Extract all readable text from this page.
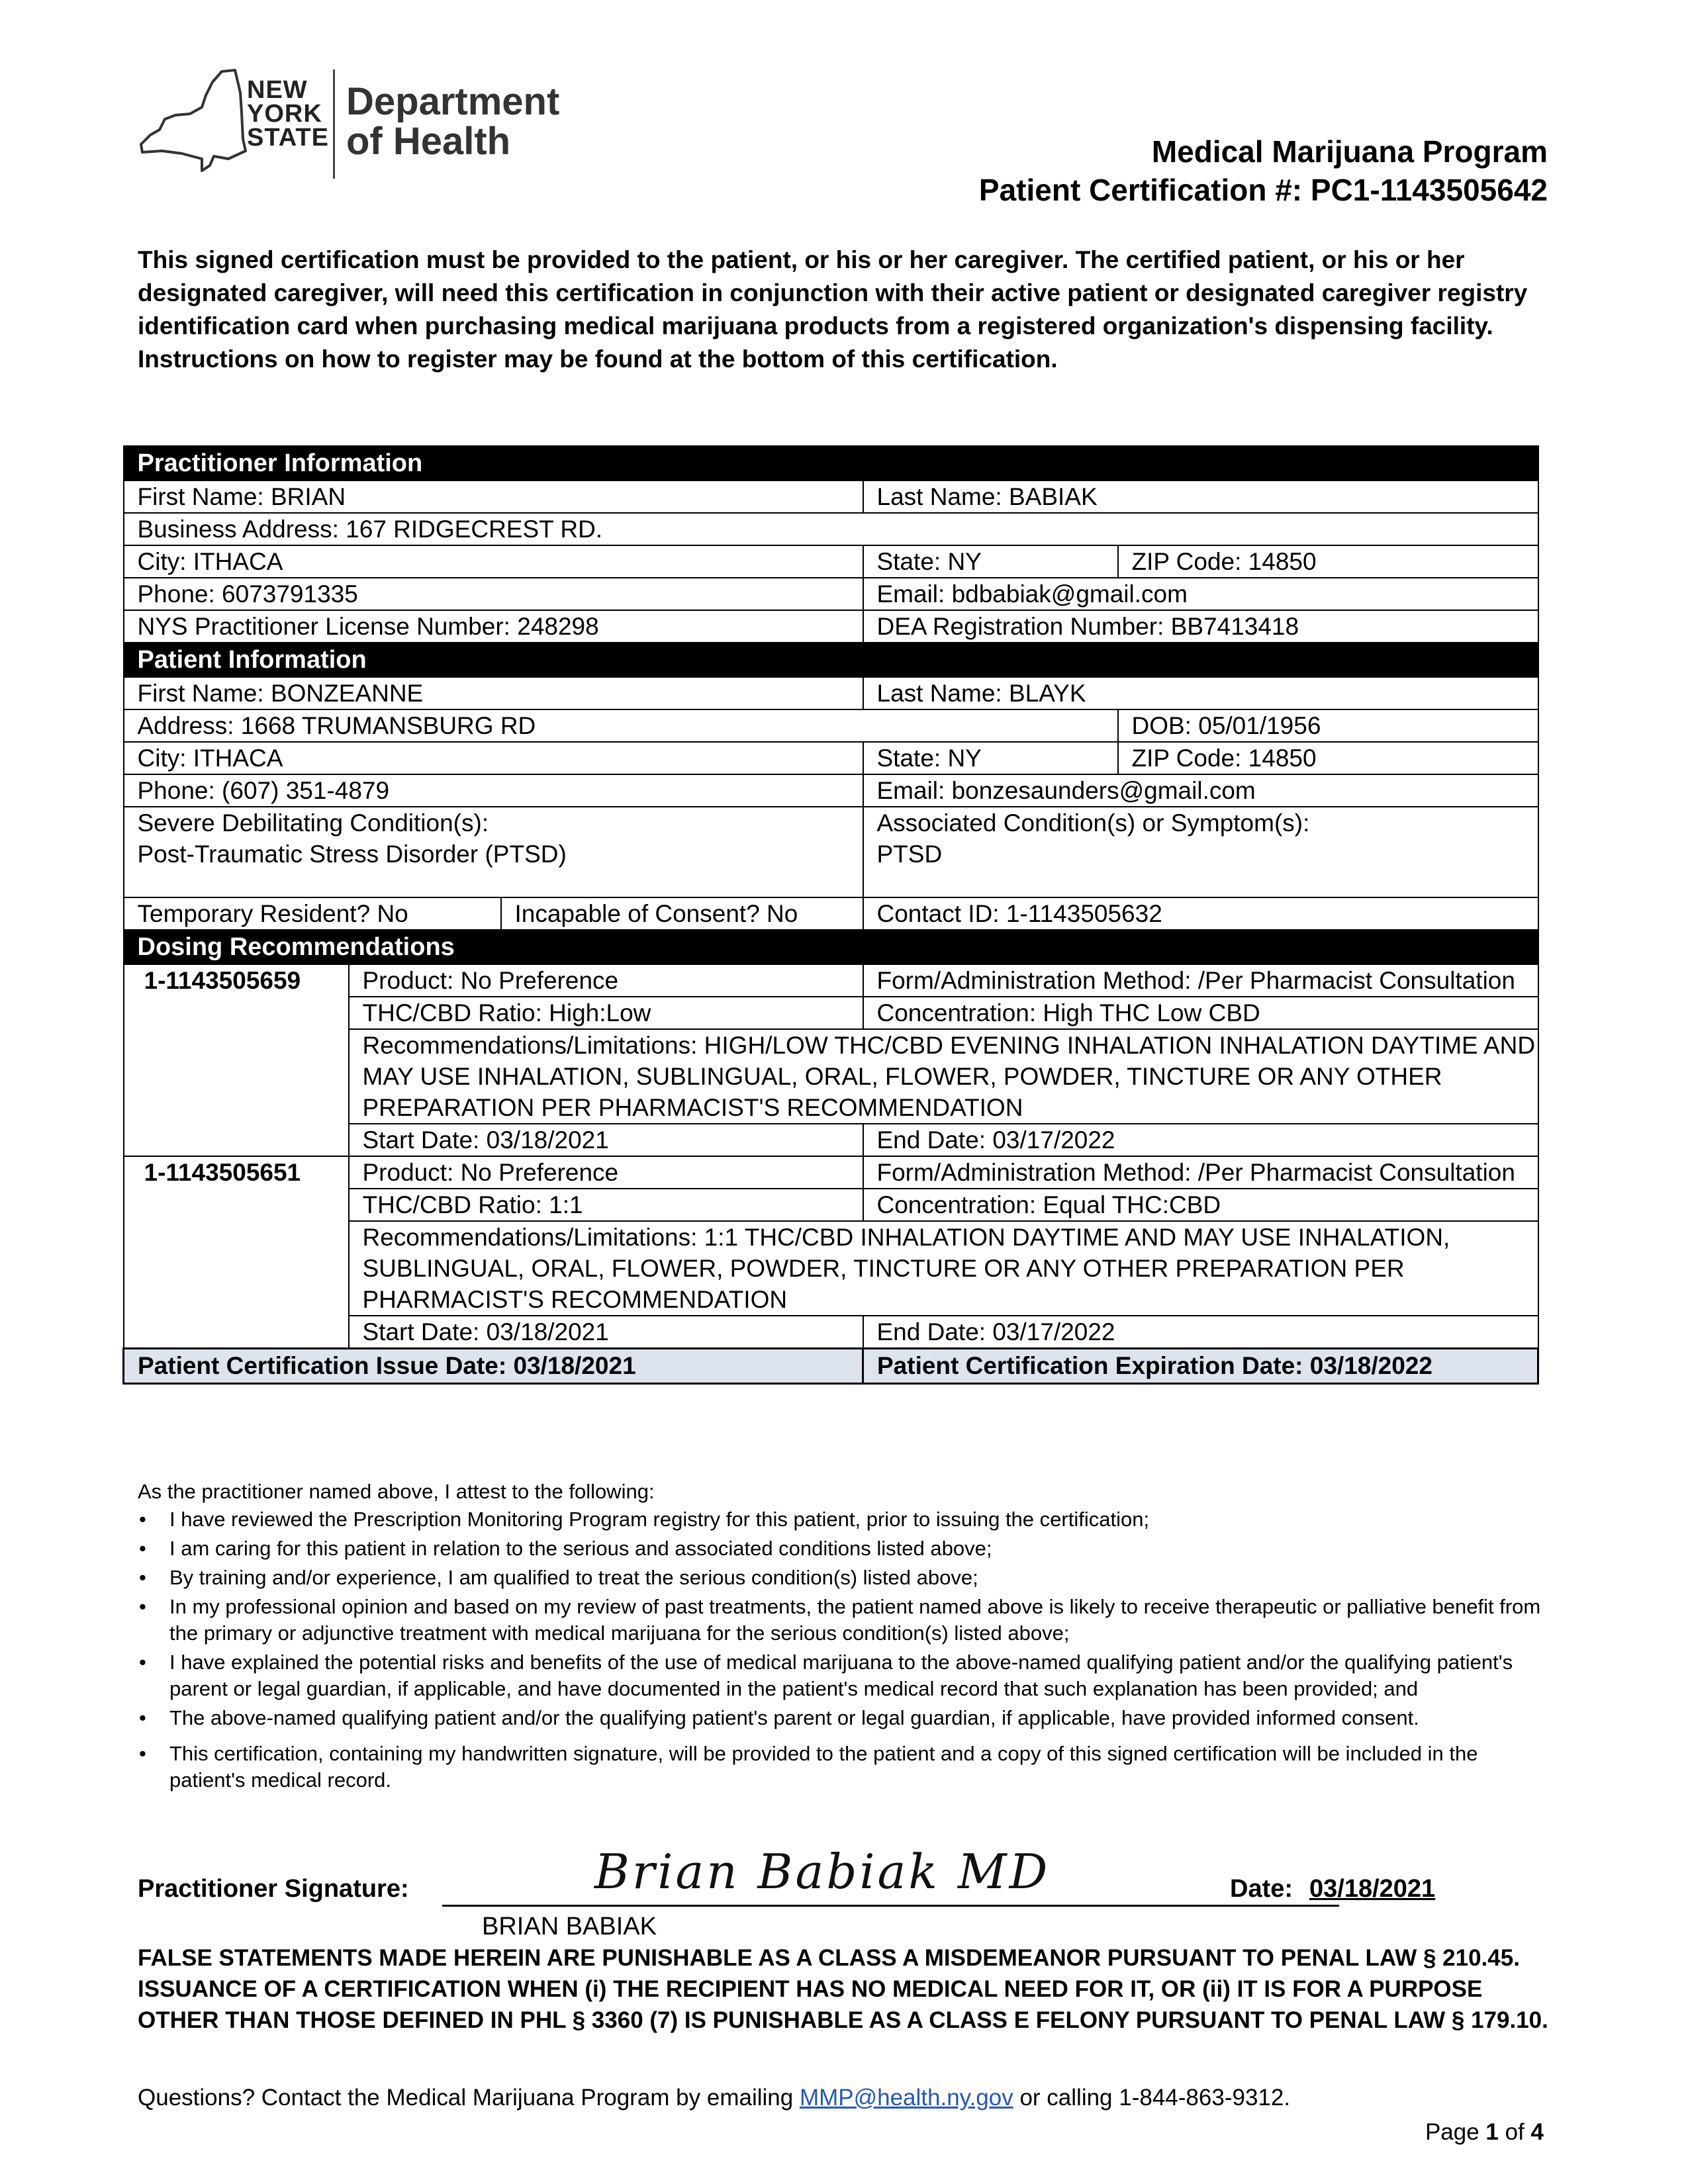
NEW
YORK
STATE
Department
of Health	Medical Marijuana Program
Patient Certification #: PC1-1143505642
This signed certification must be provided to the patient, or his or her caregiver. The certified patient, or his or her designated caregiver, will need this certification in conjunction with their active patient or designated caregiver registry identification card when purchasing medical marijuana products from a registered organization's dispensing facility. Instructions on how to register may be found at the bottom of this certification.
Practitioner Information				
First Name: BRIAN			Last Name: BABIAK	
Business Address: 167 RIDGECREST RD.				
City: ITHACA			State: NY	ZIP Code: 14850
Phone: 6073791335			Email: bdbabiak@gmail.com	
NYS Practitioner License Number: 248298			DEA Registration Number: BB7413418	
Patient Information				
First Name: BONZEANNE			Last Name: BLAYK	
Address: 1668 TRUMANSBURG RD				DOB: 05/01/1956
City: ITHACA			State: NY	ZIP Code: 14850
Phone: (607) 351-4879			Email: bonzesaunders@gmail.com	
Severe Debilitating Condition(s):
Post-Traumatic Stress Disorder (PTSD)			Associated Condition(s) or Symptom(s):
PTSD	
Temporary Resident? No		Incapable of Consent? No	Contact ID: 1-1143505632	
Dosing Recommendations				
1-1143505659	Product: No Preference		Form/Administration Method: /Per Pharmacist Consultation	
	THC/CBD Ratio: High:Low		Concentration: High THC Low CBD	
	Recommendations/Limitations: HIGH/LOW THC/CBD EVENING INHALATION INHALATION DAYTIME AND MAY USE INHALATION, SUBLINGUAL, ORAL, FLOWER, POWDER, TINCTURE OR ANY OTHER PREPARATION PER PHARMACIST'S RECOMMENDATION			
	Start Date: 03/18/2021		End Date: 03/17/2022	
1-1143505651	Product: No Preference		Form/Administration Method: /Per Pharmacist Consultation	
	THC/CBD Ratio: 1:1		Concentration: Equal THC:CBD	
	Recommendations/Limitations: 1:1 THC/CBD INHALATION DAYTIME AND MAY USE INHALATION, SUBLINGUAL, ORAL, FLOWER, POWDER, TINCTURE OR ANY OTHER PREPARATION PER PHARMACIST'S RECOMMENDATION			
	Start Date: 03/18/2021		End Date: 03/17/2022	
Patient Certification Issue Date: 03/18/2021			Patient Certification Expiration Date: 03/18/2022	
As the practitioner named above, I attest to the following:
• I have reviewed the Prescription Monitoring Program registry for this patient, prior to issuing the certification;
• I am caring for this patient in relation to the serious and associated conditions listed above;
• By training and/or experience, I am qualified to treat the serious condition(s) listed above;
• In my professional opinion and based on my review of past treatments, the patient named above is likely to receive therapeutic or palliative benefit from the primary or adjunctive treatment with medical marijuana for the serious condition(s) listed above;
• I have explained the potential risks and benefits of the use of medical marijuana to the above-named qualifying patient and/or the qualifying patient's parent or legal guardian, if applicable, and have documented in the patient's medical record that such explanation has been provided; and
• The above-named qualifying patient and/or the qualifying patient's parent or legal guardian, if applicable, have provided informed consent.
• This certification, containing my handwritten signature, will be provided to the patient and a copy of this signed certification will be included in the patient's medical record.
Practitioner Signature:	Brian Babiak MD	Date: 03/18/2021
BRIAN BABIAK
FALSE STATEMENTS MADE HEREIN ARE PUNISHABLE AS A CLASS A MISDEMEANOR PURSUANT TO PENAL LAW § 210.45. ISSUANCE OF A CERTIFICATION WHEN (i) THE RECIPIENT HAS NO MEDICAL NEED FOR IT, OR (ii) IT IS FOR A PURPOSE OTHER THAN THOSE DEFINED IN PHL § 3360 (7) IS PUNISHABLE AS A CLASS E FELONY PURSUANT TO PENAL LAW § 179.10.
Questions? Contact the Medical Marijuana Program by emailing MMP@health.ny.gov or calling 1-844-863-9312.
Page 1 of 4
